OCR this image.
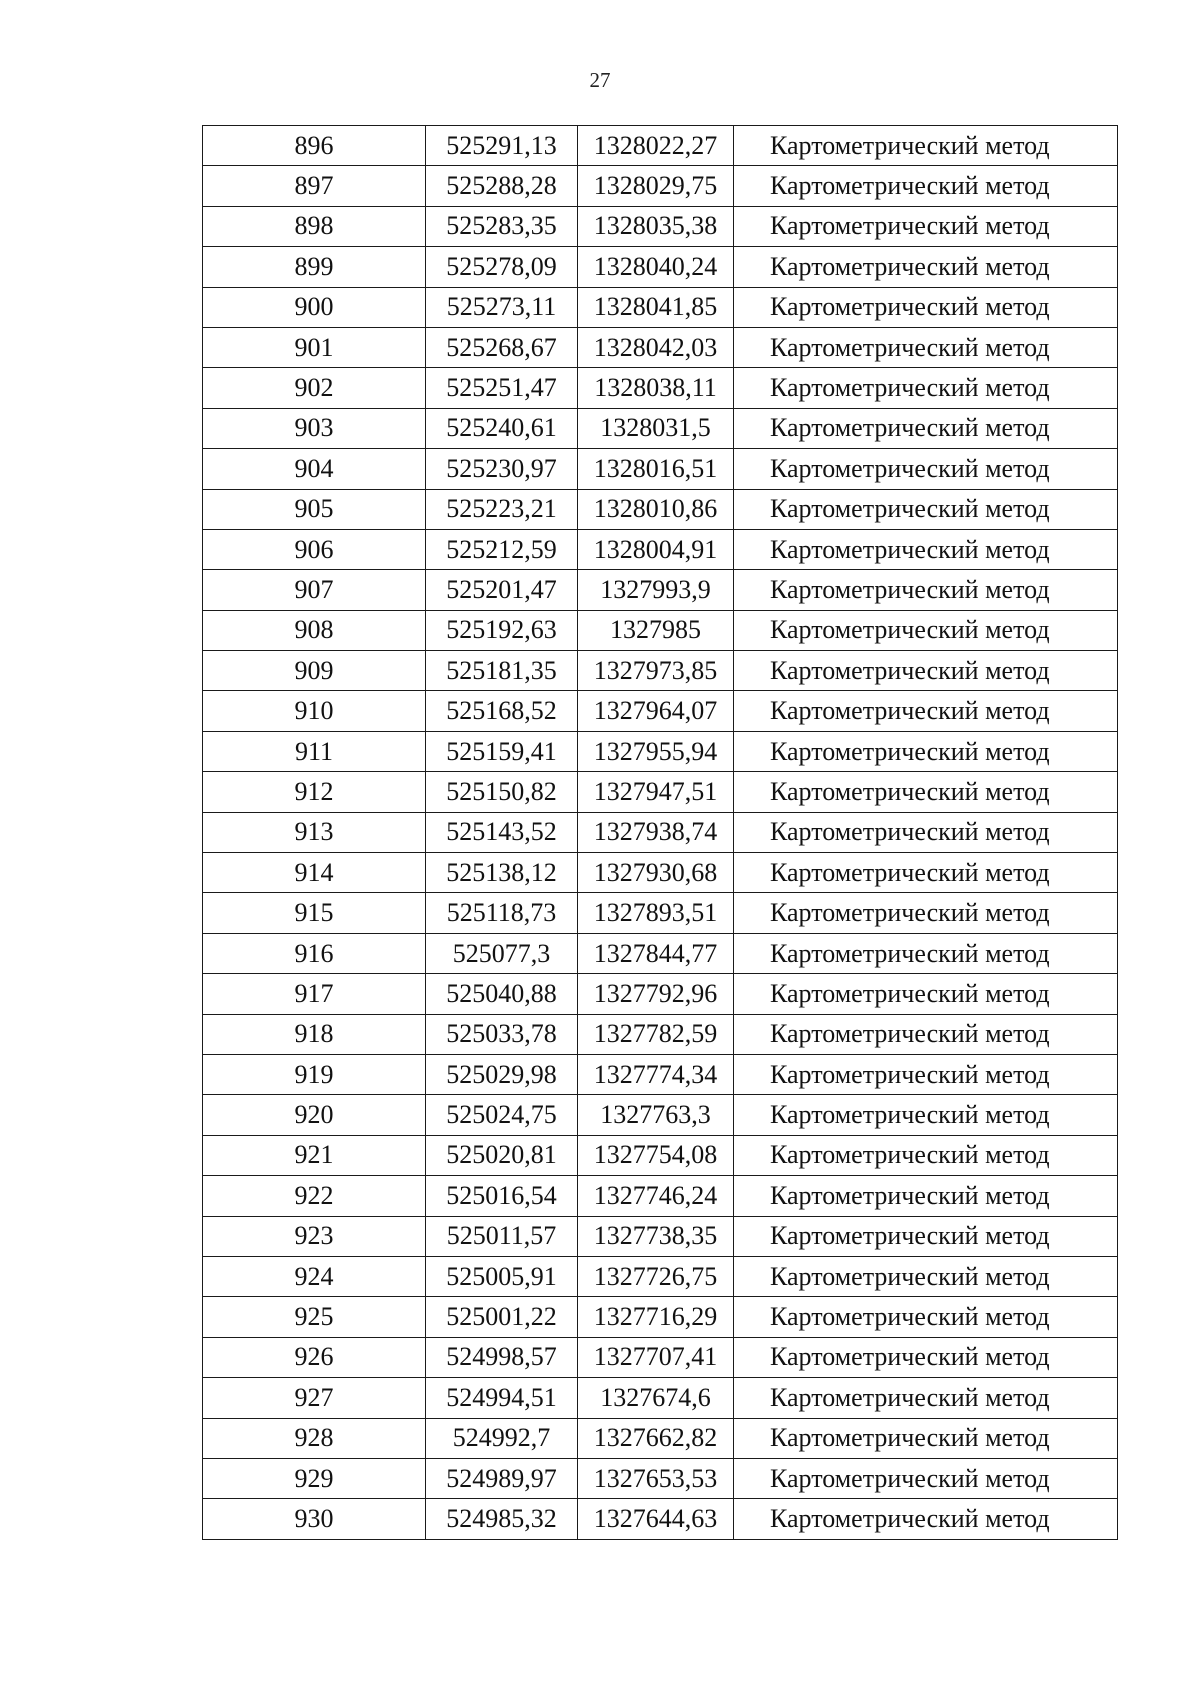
27
896	525291,13	1328022,27	Картометрический метод
897	525288,28	1328029,75	Картометрический метод
898	525283,35	1328035,38	Картометрический метод
899	525278,09	1328040,24	Картометрический метод
900	525273,11	1328041,85	Картометрический метод
901	525268,67	1328042,03	Картометрический метод
902	525251,47	1328038,11	Картометрический метод
903	525240,61	1328031,5	Картометрический метод
904	525230,97	1328016,51	Картометрический метод
905	525223,21	1328010,86	Картометрический метод
906	525212,59	1328004,91	Картометрический метод
907	525201,47	1327993,9	Картометрический метод
908	525192,63	1327985	Картометрический метод
909	525181,35	1327973,85	Картометрический метод
910	525168,52	1327964,07	Картометрический метод
911	525159,41	1327955,94	Картометрический метод
912	525150,82	1327947,51	Картометрический метод
913	525143,52	1327938,74	Картометрический метод
914	525138,12	1327930,68	Картометрический метод
915	525118,73	1327893,51	Картометрический метод
916	525077,3	1327844,77	Картометрический метод
917	525040,88	1327792,96	Картометрический метод
918	525033,78	1327782,59	Картометрический метод
919	525029,98	1327774,34	Картометрический метод
920	525024,75	1327763,3	Картометрический метод
921	525020,81	1327754,08	Картометрический метод
922	525016,54	1327746,24	Картометрический метод
923	525011,57	1327738,35	Картометрический метод
924	525005,91	1327726,75	Картометрический метод
925	525001,22	1327716,29	Картометрический метод
926	524998,57	1327707,41	Картометрический метод
927	524994,51	1327674,6	Картометрический метод
928	524992,7	1327662,82	Картометрический метод
929	524989,97	1327653,53	Картометрический метод
930	524985,32	1327644,63	Картометрический метод
